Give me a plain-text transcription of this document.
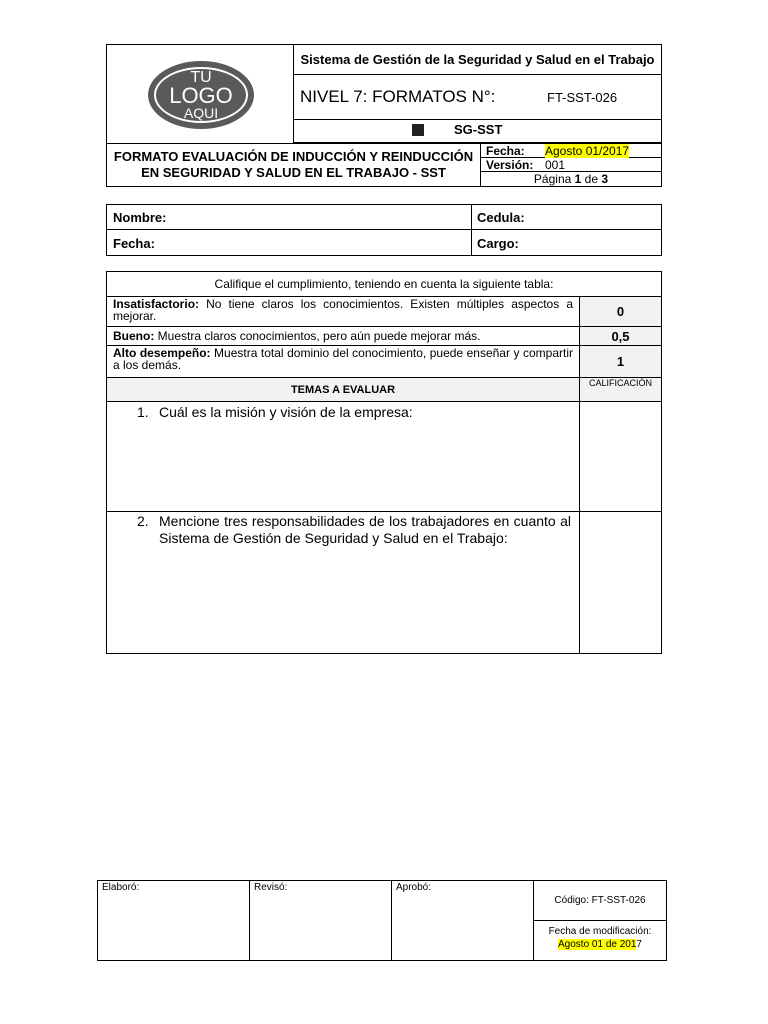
TU
LOGO
AQUI
Sistema de Gestión de la Seguridad y Salud en el Trabajo
NIVEL 7: FORMATOS N°:	FT-SST-026
SG-SST
FORMATO EVALUACIÓN DE INDUCCIÓN Y REINDUCCIÓN
EN SEGURIDAD Y SALUD EN EL TRABAJO - SST
Fecha: Agosto 01/2017
Versión: 001
Página 1 de 3
Nombre:	Cedula:
Fecha:	Cargo:
Califique el cumplimiento, teniendo en cuenta la siguiente tabla:
Insatisfactorio: No tiene claros los conocimientos. Existen múltiples aspectos a mejorar.	0
Bueno: Muestra claros conocimientos, pero aún puede mejorar más.	0,5
Alto desempeño: Muestra total dominio del conocimiento, puede enseñar y compartir a los demás.	1
TEMAS A EVALUAR
CALIFICACIÓN
1. Cuál es la misión y visión de la empresa:
2. Mencione tres responsabilidades de los trabajadores en cuanto al Sistema de Gestión de Seguridad y Salud en el Trabajo:
Elaboró:	Revisó:	Aprobó:
Código: FT-SST-026
Fecha de modificación:
Agosto 01 de 2017
